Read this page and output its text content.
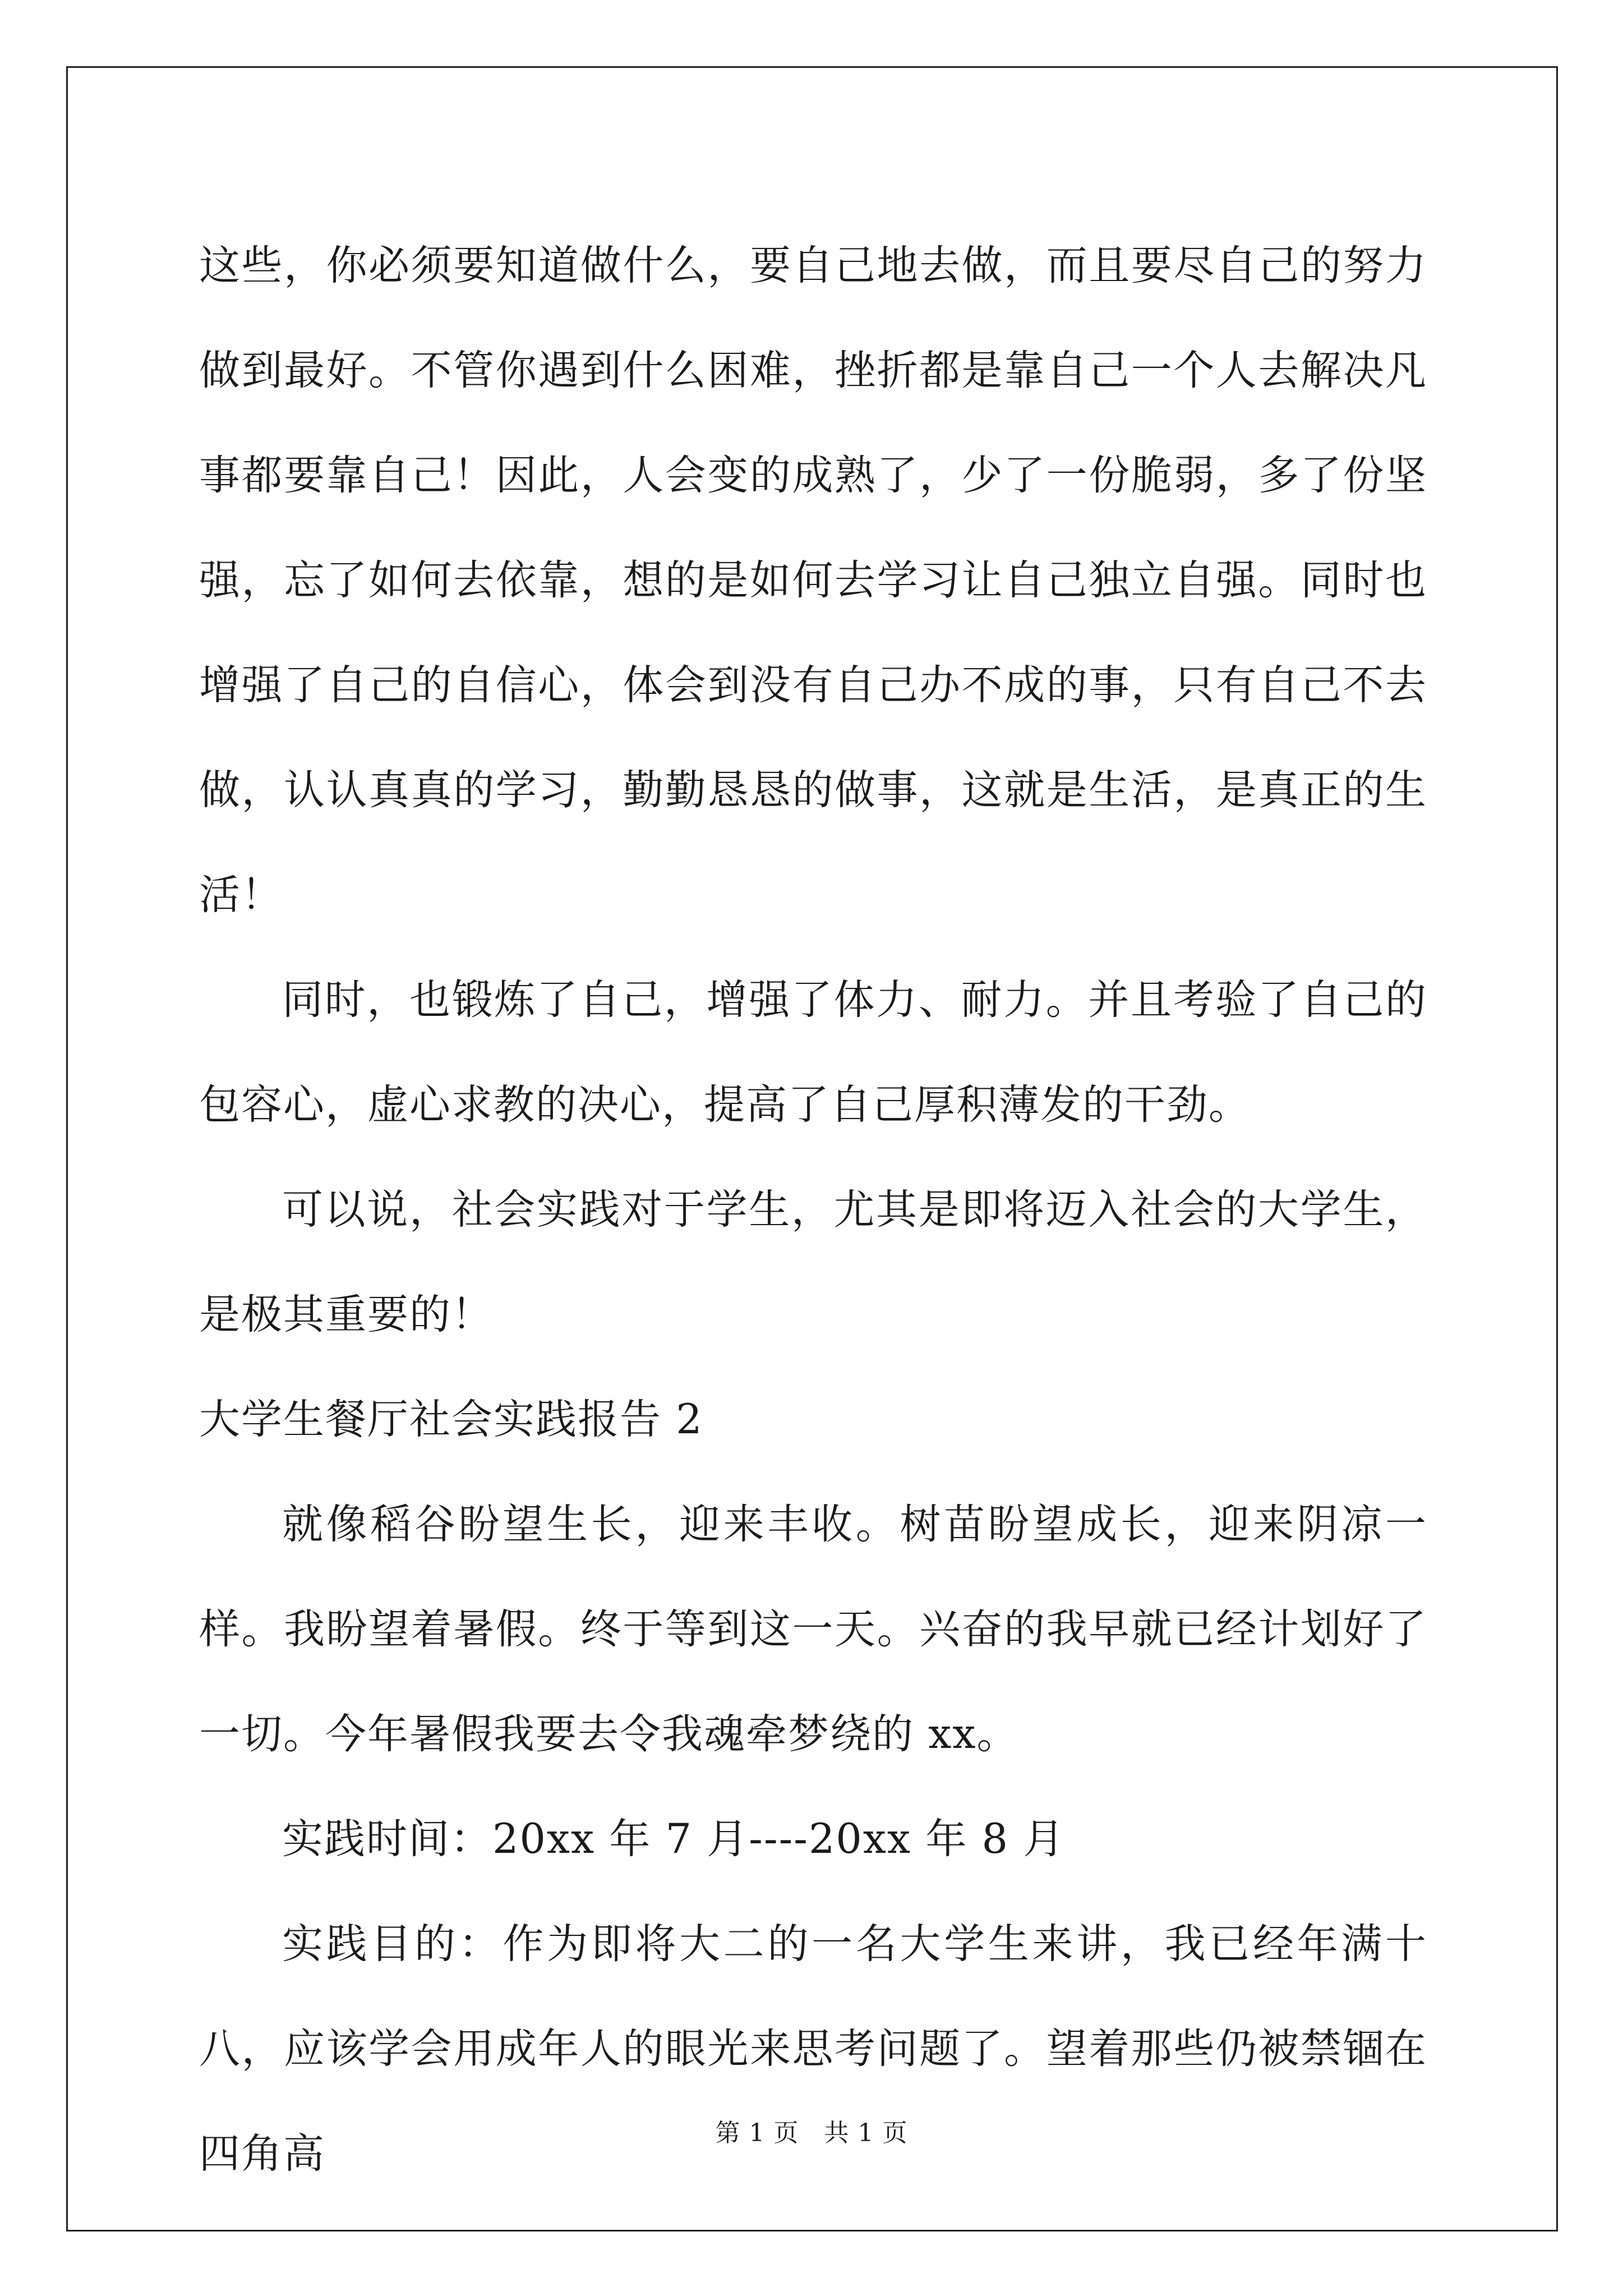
这些，你必须要知道做什么，要自己地去做，而且要尽自己的努力做到最好。不管你遇到什么困难，挫折都是靠自己一个人去解决凡事都要靠自己！因此，人会变的成熟了，少了一份脆弱，多了份坚强，忘了如何去依靠，想的是如何去学习让自己独立自强。同时也增强了自己的自信心，体会到没有自己办不成的事，只有自己不去做，认认真真的学习，勤勤恳恳的做事，这就是生活，是真正的生活！

同时，也锻炼了自己，增强了体力、耐力。并且考验了自己的包容心，虚心求教的决心，提高了自己厚积薄发的干劲。

可以说，社会实践对于学生，尤其是即将迈入社会的大学生，是极其重要的！

大学生餐厅社会实践报告 2

就像稻谷盼望生长，迎来丰收。树苗盼望成长，迎来阴凉一样。我盼望着暑假。终于等到这一天。兴奋的我早就已经计划好了一切。今年暑假我要去令我魂牵梦绕的 xx。

实践时间：20xx 年 7 月----20xx 年 8 月

实践目的：作为即将大二的一名大学生来讲，我已经年满十八，应该学会用成年人的眼光来思考问题了。望着那些仍被禁锢在四角高	第 1 页　共 1 页
